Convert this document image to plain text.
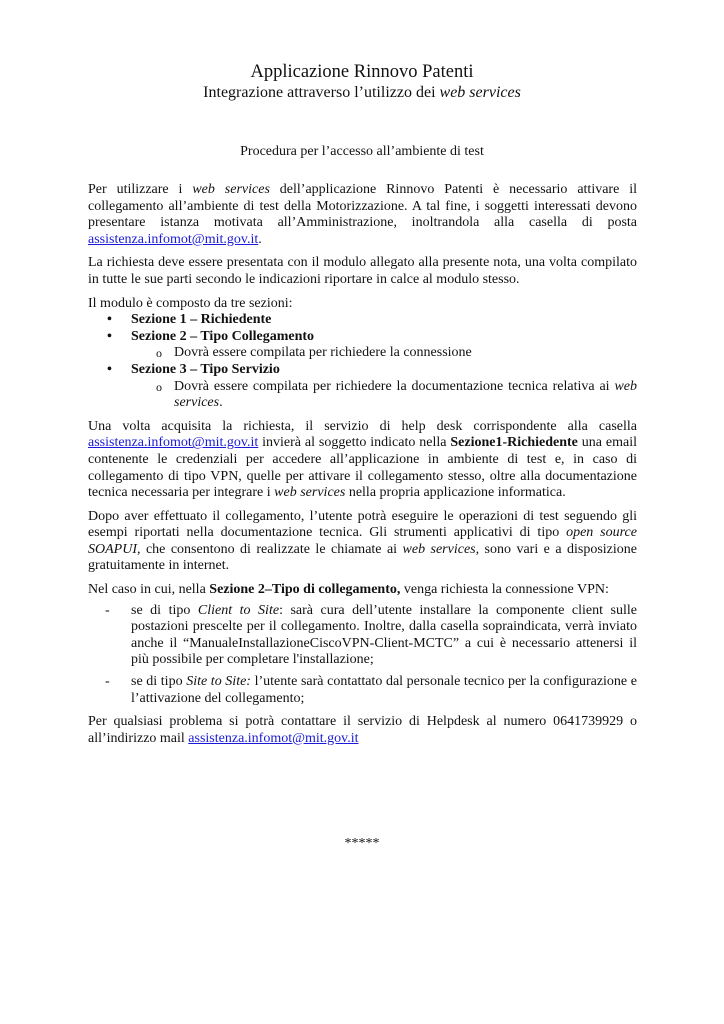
Applicazione Rinnovo Patenti
Integrazione attraverso l’utilizzo dei web services
Procedura per l’accesso all’ambiente di test

Per utilizzare i web services dell’applicazione Rinnovo Patenti è necessario attivare il collegamento all’ambiente di test della Motorizzazione. A tal fine, i soggetti interessati devono presentare istanza motivata all’Amministrazione, inoltrandola alla casella di posta assistenza.infomot@mit.gov.it.

La richiesta deve essere presentata con il modulo allegato alla presente nota, una volta compilato in tutte le sue parti secondo le indicazioni riportare in calce al modulo stesso.

Il modulo è composto da tre sezioni:

• Sezione 1 – Richiedente
• Sezione 2 – Tipo Collegamento
o Dovrà essere compilata per richiedere la connessione
• Sezione 3 – Tipo Servizio
o Dovrà essere compilata per richiedere la documentazione tecnica relativa ai web services.

Una volta acquisita la richiesta, il servizio di help desk corrispondente alla casella assistenza.infomot@mit.gov.it invierà al soggetto indicato nella Sezione1-Richiedente una email contenente le credenziali per accedere all’applicazione in ambiente di test e, in caso di collegamento di tipo VPN, quelle per attivare il collegamento stesso, oltre alla documentazione tecnica necessaria per integrare i web services nella propria applicazione informatica.

Dopo aver effettuato il collegamento, l’utente potrà eseguire le operazioni di test seguendo gli esempi riportati nella documentazione tecnica. Gli strumenti applicativi di tipo open source SOAPUI, che consentono di realizzate le chiamate ai web services, sono vari e a disposizione gratuitamente in internet.

Nel caso in cui, nella Sezione 2–Tipo di collegamento, venga richiesta la connessione VPN:

- se di tipo Client to Site: sarà cura dell’utente installare la componente client sulle postazioni prescelte per il collegamento. Inoltre, dalla casella sopraindicata, verrà inviato anche il “ManualeInstallazioneCiscoVPN-Client-MCTC” a cui è necessario attenersi il più possibile per completare l'installazione;
- se di tipo Site to Site: l’utente sarà contattato dal personale tecnico per la configurazione e l’attivazione del collegamento;

Per qualsiasi problema si potrà contattare il servizio di Helpdesk al numero 0641739929 o all’indirizzo mail assistenza.infomot@mit.gov.it

*****
